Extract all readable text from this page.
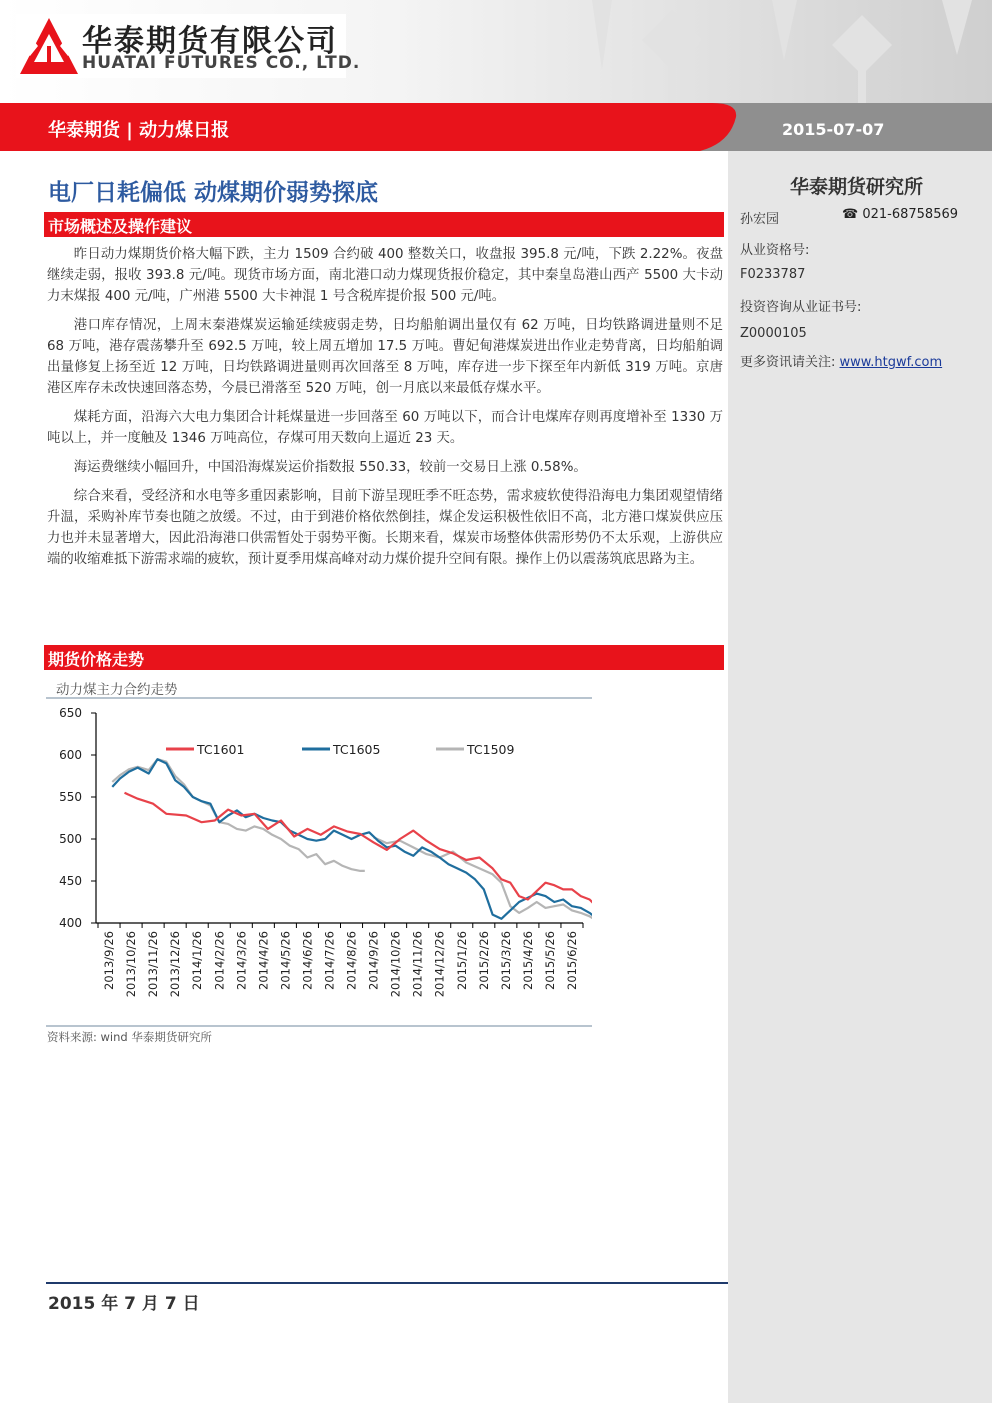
华泰期货有限公司
HUATAI FUTURES CO., LTD.
华泰期货 | 动力煤日报	2015-07-07
华泰期货研究所
孙宏园	☎ 021-68758569
从业资格号:
F0233787
投资咨询从业证书号:
Z0000105
更多资讯请关注: www.htgwf.com
电厂日耗偏低 动煤期价弱势探底
市场概述及操作建议

昨日动力煤期货价格大幅下跌，主力 1509 合约破 400 整数关口，收盘报 395.8 元/吨，下跌 2.22%。夜盘继续走弱，报收 393.8 元/吨。现货市场方面，南北港口动力煤现货报价稳定，其中秦皇岛港山西产 5500 大卡动力末煤报 400 元/吨，广州港 5500 大卡神混 1 号含税库提价报 500 元/吨。

港口库存情况，上周末秦港煤炭运输延续疲弱走势，日均船舶调出量仅有 62 万吨，日均铁路调进量则不足 68 万吨，港存震荡攀升至 692.5 万吨，较上周五增加 17.5 万吨。曹妃甸港煤炭进出作业走势背离，日均船舶调出量修复上扬至近 12 万吨，日均铁路调进量则再次回落至 8 万吨，库存进一步下探至年内新低 319 万吨。京唐港区库存未改快速回落态势，今晨已滑落至 520 万吨，创一月底以来最低存煤水平。

煤耗方面，沿海六大电力集团合计耗煤量进一步回落至 60 万吨以下，而合计电煤库存则再度增补至 1330 万吨以上，并一度触及 1346 万吨高位，存煤可用天数向上逼近 23 天。

海运费继续小幅回升，中国沿海煤炭运价指数报 550.33，较前一交易日上涨 0.58%。

综合来看，受经济和水电等多重因素影响，目前下游呈现旺季不旺态势，需求疲软使得沿海电力集团观望情绪升温，采购补库节奏也随之放缓。不过，由于到港价格依然倒挂，煤企发运积极性依旧不高，北方港口煤炭供应压力也并未显著增大，因此沿海港口供需暂处于弱势平衡。长期来看，煤炭市场整体供需形势仍不太乐观，上游供应端的收缩难抵下游需求端的疲软，预计夏季用煤高峰对动力煤价提升空间有限。操作上仍以震荡筑底思路为主。

期货价格走势
动力煤主力合约走势
400
450
500
550
600
650
2013/9/26 2013/10/26 2013/11/26 2013/12/26 2014/1/26 2014/2/26 2014/3/26 2014/4/26 2014/5/26 2014/6/26 2014/7/26 2014/8/26 2014/9/26 2014/10/26 2014/11/26 2014/12/26 2015/1/26 2015/2/26 2015/3/26 2015/4/26 2015/5/26 2015/6/26
TC1601	TC1605	TC1509
资料来源: wind 华泰期货研究所
2015 年 7 月 7 日
